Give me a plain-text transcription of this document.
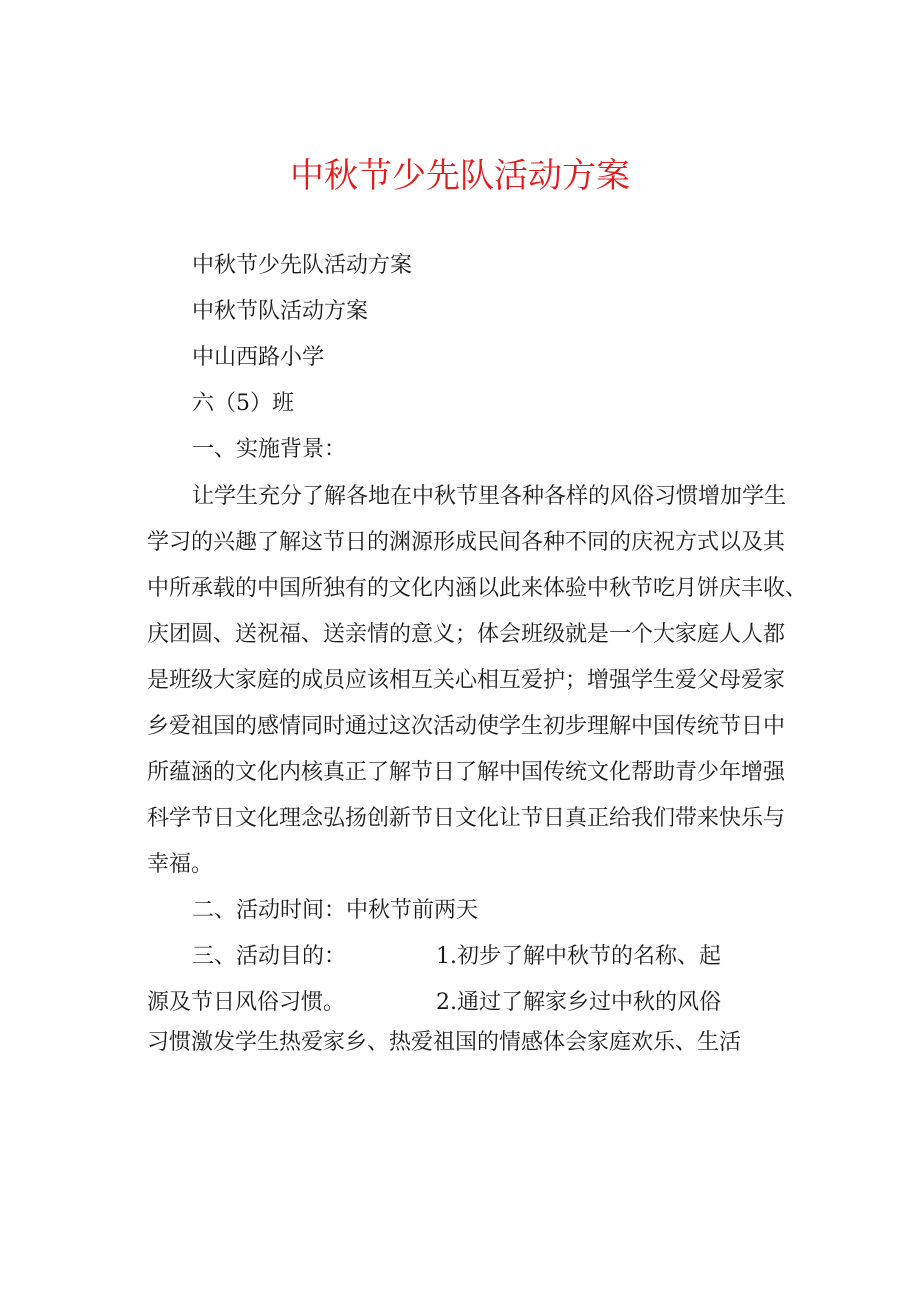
中秋节少先队活动方案

中秋节少先队活动方案

中秋节队活动方案

中山西路小学

六（5）班

一、实施背景：

让学生充分了解各地在中秋节里各种各样的风俗习惯增加学生

学习的兴趣了解这节日的渊源形成民间各种不同的庆祝方式以及其

中所承载的中国所独有的文化内涵以此来体验中秋节吃月饼庆丰收、

庆团圆、送祝福、送亲情的意义；体会班级就是一个大家庭人人都

是班级大家庭的成员应该相互关心相互爱护；增强学生爱父母爱家

乡爱祖国的感情同时通过这次活动使学生初步理解中国传统节日中

所蕴涵的文化内核真正了解节日了解中国传统文化帮助青少年增强

科学节日文化理念弘扬创新节日文化让节日真正给我们带来快乐与

幸福。

二、活动时间：中秋节前两天

三、活动目的：	1.初步了解中秋节的名称、起
源及节日风俗习惯。	2.通过了解家乡过中秋的风俗

习惯激发学生热爱家乡、热爱祖国的情感体会家庭欢乐、生活
